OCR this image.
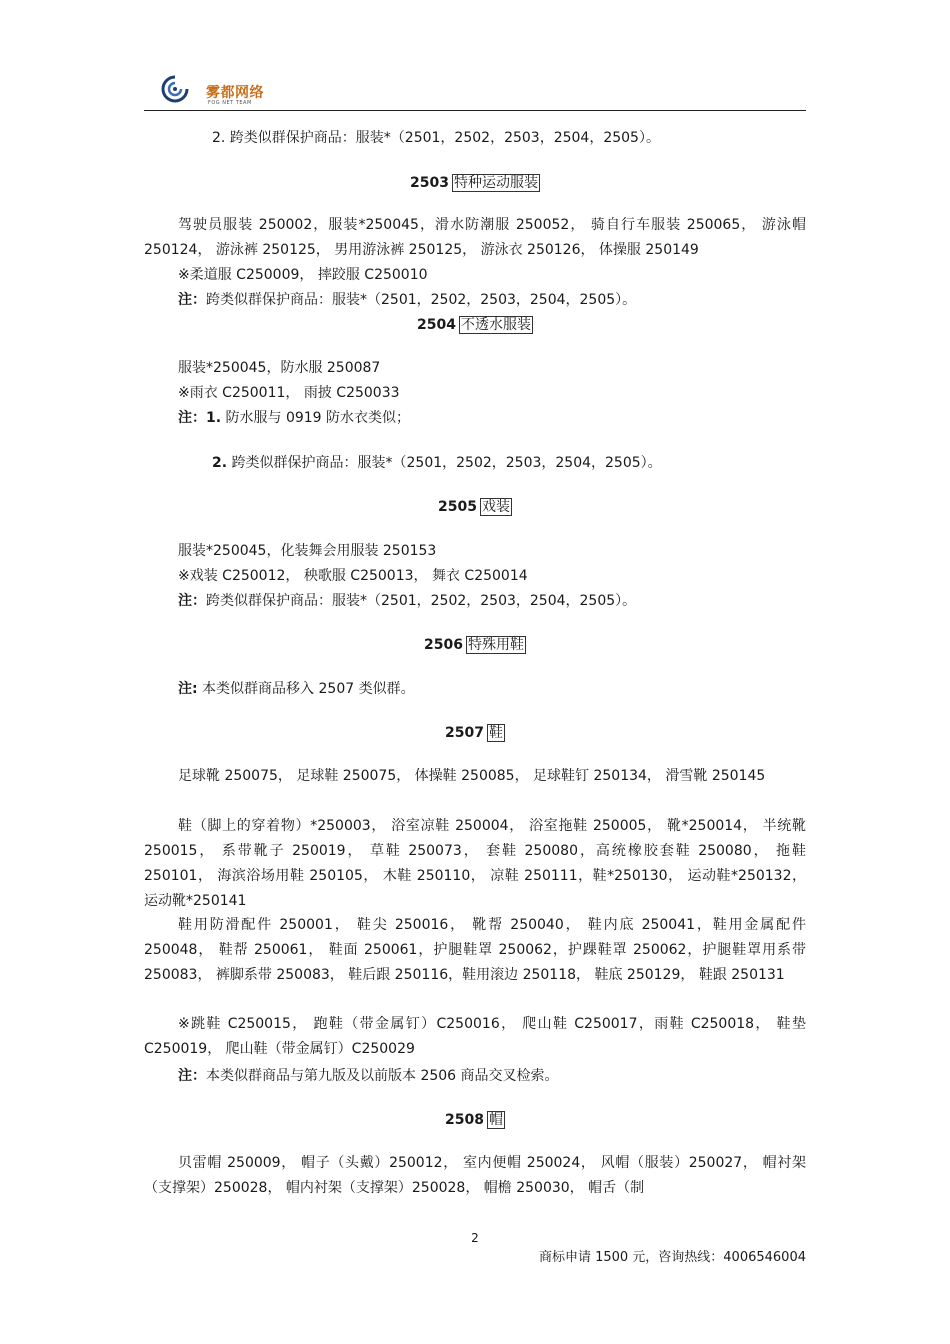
雾都网络
FOG NET TEAM
2. 跨类似群保护商品：服装*（2501，2502，2503，2504，2505）。
2503 特种运动服装
驾驶员服装 250002，服装*250045，滑水防潮服 250052， 骑自行车服装 250065， 游泳帽 250124， 游泳裤 250125， 男用游泳裤 250125， 游泳衣 250126， 体操服 250149
※柔道服 C250009， 摔跤服 C250010
注：跨类似群保护商品：服装*（2501，2502，2503，2504，2505）。
2504 不透水服装
服装*250045，防水服 250087
※雨衣 C250011， 雨披 C250033
注：1. 防水服与 0919 防水衣类似；
2. 跨类似群保护商品：服装*（2501，2502，2503，2504，2505）。
2505 戏装
服装*250045，化装舞会用服装 250153
※戏装 C250012， 秧歌服 C250013， 舞衣 C250014
注：跨类似群保护商品：服装*（2501，2502，2503，2504，2505）。
2506 特殊用鞋
注: 本类似群商品移入 2507 类似群。
2507 鞋
足球靴 250075， 足球鞋 250075， 体操鞋 250085， 足球鞋钉 250134， 滑雪靴 250145
鞋（脚上的穿着物）*250003， 浴室凉鞋 250004， 浴室拖鞋 250005， 靴*250014， 半统靴 250015， 系带靴子 250019， 草鞋 250073， 套鞋 250080，高统橡胶套鞋 250080， 拖鞋 250101， 海滨浴场用鞋 250105， 木鞋 250110， 凉鞋 250111，鞋*250130， 运动鞋*250132， 运动靴*250141
鞋用防滑配件 250001， 鞋尖 250016， 靴帮 250040， 鞋内底 250041，鞋用金属配件 250048， 鞋帮 250061， 鞋面 250061，护腿鞋罩 250062，护踝鞋罩 250062，护腿鞋罩用系带 250083， 裤脚系带 250083， 鞋后跟 250116，鞋用滚边 250118， 鞋底 250129， 鞋跟 250131
※跳鞋 C250015， 跑鞋（带金属钉）C250016， 爬山鞋 C250017，雨鞋 C250018， 鞋垫 C250019， 爬山鞋（带金属钉）C250029
注：本类似群商品与第九版及以前版本 2506 商品交叉检索。
2508 帽
贝雷帽 250009， 帽子（头戴）250012， 室内便帽 250024， 风帽（服装）250027， 帽衬架（支撑架）250028， 帽内衬架（支撑架）250028， 帽檐 250030， 帽舌（制
2
商标申请 1500 元，咨询热线：4006546004
